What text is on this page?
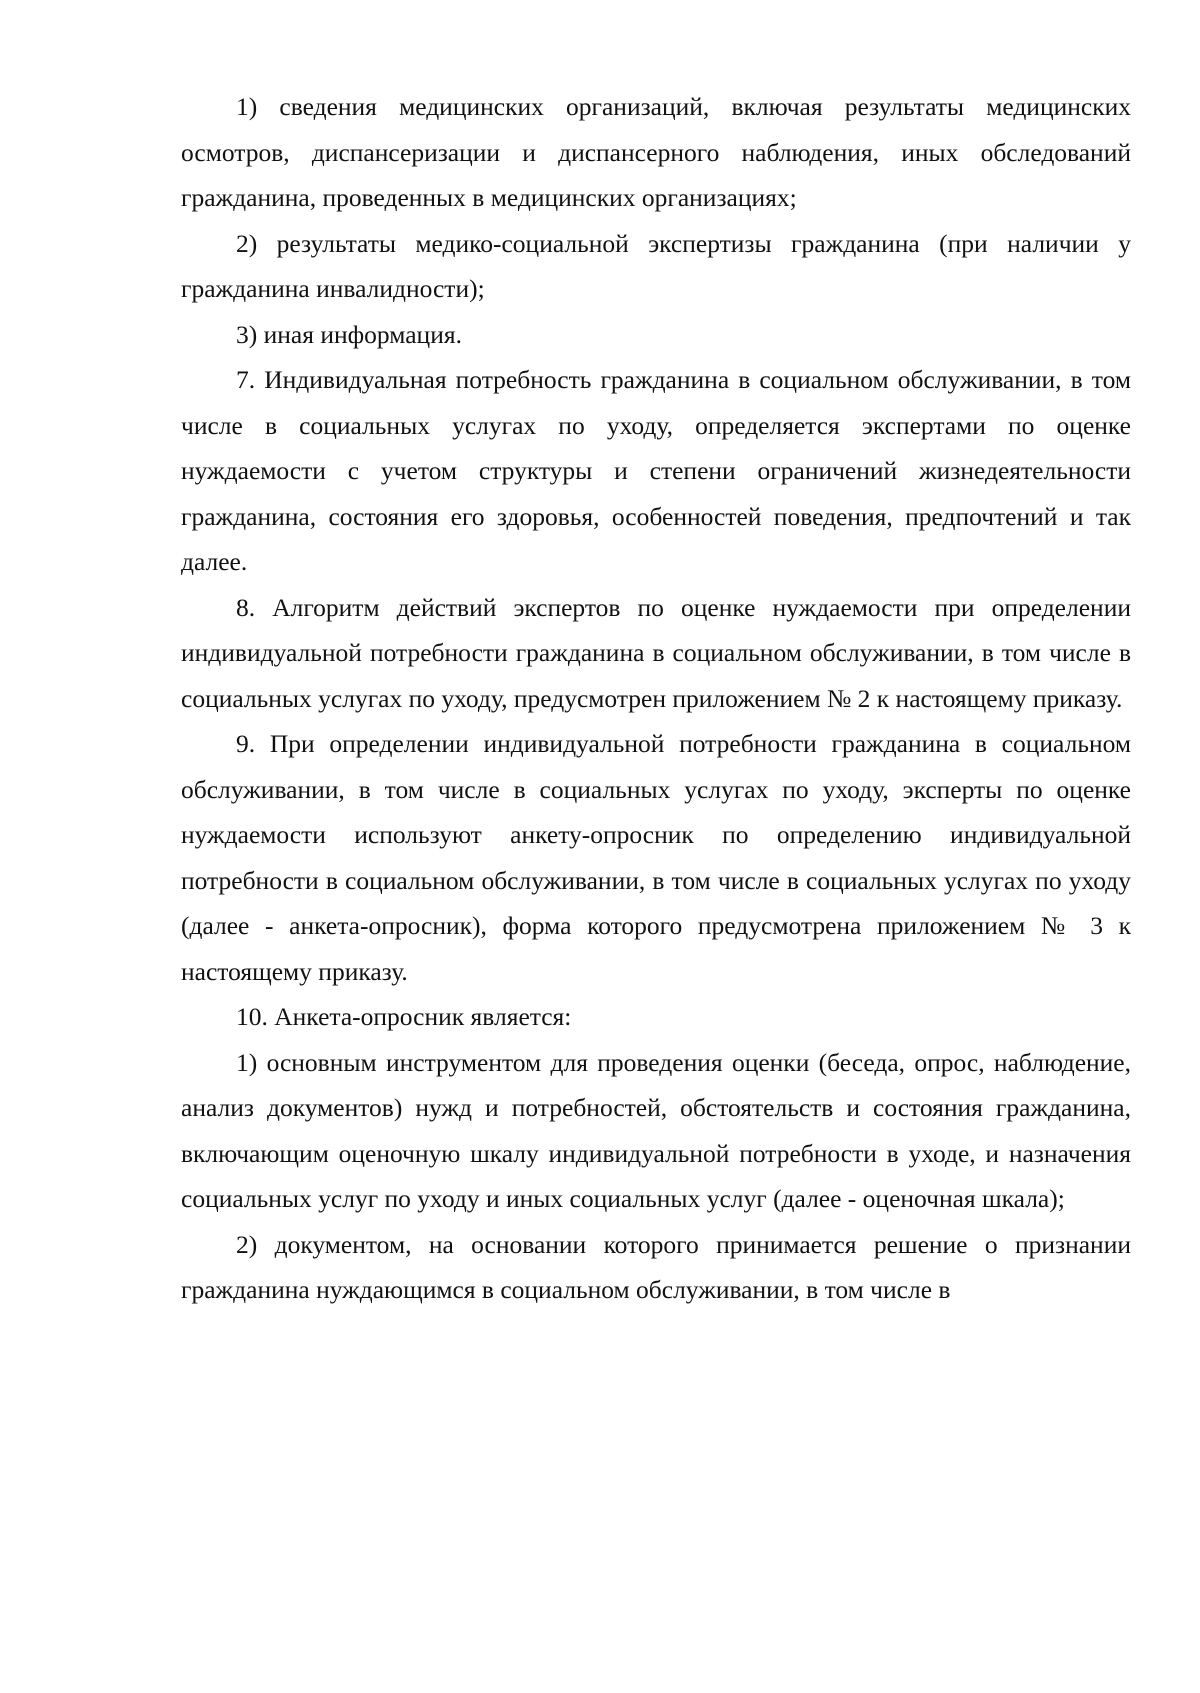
1) сведения медицинских организаций, включая результаты медицинских осмотров, диспансеризации и диспансерного наблюдения, иных обследований гражданина, проведенных в медицинских организациях;

2) результаты медико-социальной экспертизы гражданина (при наличии у гражданина инвалидности);

3) иная информация.

7. Индивидуальная потребность гражданина в социальном обслуживании, в том числе в социальных услугах по уходу, определяется экспертами по оценке нуждаемости с учетом структуры и степени ограничений жизнедеятельности гражданина, состояния его здоровья, особенностей поведения, предпочтений и так далее.

8. Алгоритм действий экспертов по оценке нуждаемости при определении индивидуальной потребности гражданина в социальном обслуживании, в том числе в социальных услугах по уходу, предусмотрен приложением № 2 к настоящему приказу.

9. При определении индивидуальной потребности гражданина в социальном обслуживании, в том числе в социальных услугах по уходу, эксперты по оценке нуждаемости используют анкету-опросник по определению индивидуальной потребности в социальном обслуживании, в том числе в социальных услугах по уходу (далее - анкета-опросник), форма которого предусмотрена приложением № 3 к настоящему приказу.

10. Анкета-опросник является:

1) основным инструментом для проведения оценки (беседа, опрос, наблюдение, анализ документов) нужд и потребностей, обстоятельств и состояния гражданина, включающим оценочную шкалу индивидуальной потребности в уходе, и назначения социальных услуг по уходу и иных социальных услуг (далее - оценочная шкала);

2) документом, на основании которого принимается решение о признании гражданина нуждающимся в социальном обслуживании, в том числе в
